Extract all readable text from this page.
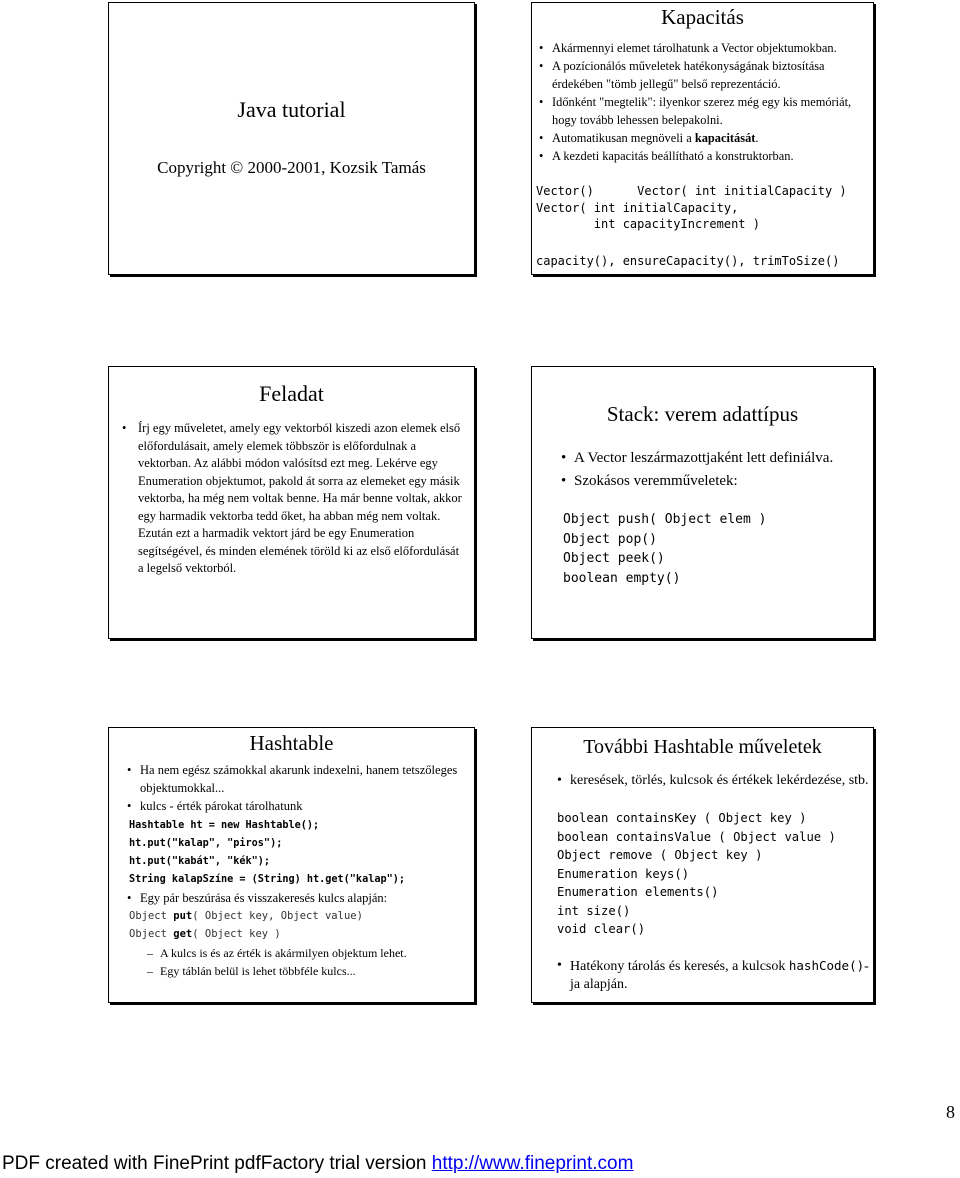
Java tutorial
Copyright © 2000-2001, Kozsik Tamás
Kapacitás
• Akármennyi elemet tárolhatunk a Vector objektumokban.
• A pozícionálós műveletek hatékonyságának biztosítása érdekében "tömb jellegű" belső reprezentáció.
• Időnként "megtelik": ilyenkor szerez még egy kis memóriát, hogy tovább lehessen belepakolni.
• Automatikusan megnöveli a kapacitását.
• A kezdeti kapacitás beállítható a konstruktorban.
Vector()      Vector( int initialCapacity )
Vector( int initialCapacity,
int capacityIncrement )
capacity(), ensureCapacity(), trimToSize()
Feladat
• Írj egy műveletet, amely egy vektorból kiszedi azon elemek első előfordulásait, amely elemek többször is előfordulnak a vektorban. Az alábbi módon valósítsd ezt meg. Lekérve egy Enumeration objektumot, pakold át sorra az elemeket egy másik vektorba, ha még nem voltak benne. Ha már benne voltak, akkor egy harmadik vektorba tedd őket, ha abban még nem voltak. Ezután ezt a harmadik vektort járd be egy Enumeration segítségével, és minden elemének töröld ki az első előfordulását a legelső vektorból.
Stack: verem adattípus
• A Vector leszármazottjaként lett definiálva.
• Szokásos veremműveletek:
Object push( Object elem )
Object pop()
Object peek()
boolean empty()
Hashtable
• Ha nem egész számokkal akarunk indexelni, hanem tetszőleges objektumokkal...
• kulcs - érték párokat tárolhatunk
Hashtable ht = new Hashtable();
ht.put("kalap", "piros");
ht.put("kabát", "kék");
String kalapSzíne = (String) ht.get("kalap");
• Egy pár beszúrása és visszakeresés kulcs alapján:
Object put( Object key, Object value)
Object get( Object key )
– A kulcs is és az érték is akármilyen objektum lehet.
– Egy táblán belül is lehet többféle kulcs...
További Hashtable műveletek
• keresések, törlés, kulcsok és értékek lekérdezése, stb.
boolean containsKey ( Object key )
boolean containsValue ( Object value )
Object remove ( Object key )
Enumeration keys()
Enumeration elements()
int size()
void clear()
• Hatékony tárolás és keresés, a kulcsok hashCode()-ja alapján.
8
PDF created with FinePrint pdfFactory trial version http://www.fineprint.com
